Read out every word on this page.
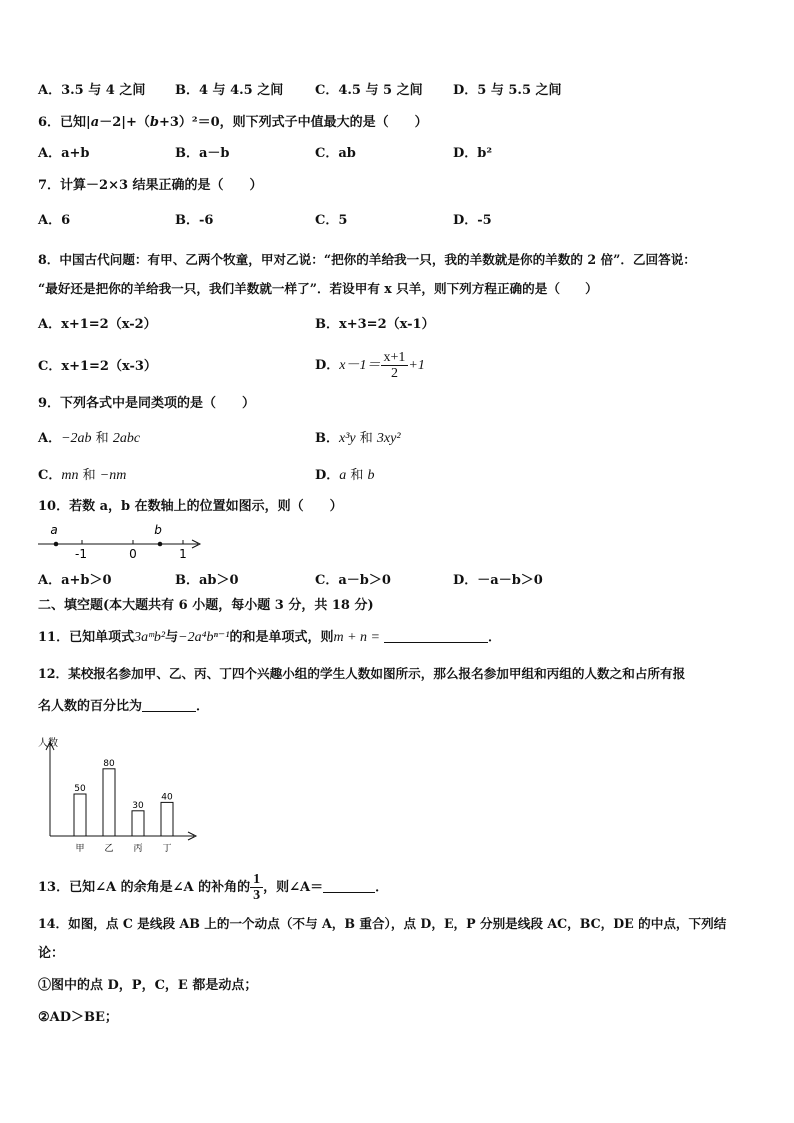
A．3.5 与 4 之间 B．4 与 4.5 之间 C．4.5 与 5 之间 D．5 与 5.5 之间
6．已知|a－2|+（b+3）²＝0，则下列式子中值最大的是（　　）
A．a+b	B．a－b	C．ab	D．b²
7．计算－2×3 结果正确的是（　　）
A．6	B．-6	C．5	D．-5
8．中国古代问题：有甲、乙两个牧童，甲对乙说：“把你的羊给我一只，我的羊数就是你的羊数的 2 倍”．乙回答说：
“最好还是把你的羊给我一只，我们羊数就一样了”．若设甲有 x 只羊，则下列方程正确的是（　　）
A．x+1=2（x-2）	B．x+3=2（x-1）
C．x+1=2（x-3）	D．$x-1= \frac{x+1}{2} +1$
9．下列各式中是同类项的是（　　）
A．−2ab 和 2abc	B．x³y 和 3xy²
C．mn 和 −nm	D．a 和 b
10．若数 a，b 在数轴上的位置如图示，则（　　）
a	b
-1	0	1
A．a+b＞0	B．ab＞0	C．a－b＞0	D．－a－b＞0
二、填空题(本大题共有 6 小题，每小题 3 分，共 18 分)
11．已知单项式3aᵐb²与−2a⁴bⁿ⁻¹的和是单项式，则m + n =	．
12．某校报名参加甲、乙、丙、丁四个兴趣小组的学生人数如图所示，那么报名参加甲组和丙组的人数之和占所有报
名人数的百分比为	．
人数
50
甲
80
乙
30
丙
40
丁
13．已知∠A 的余角是∠A 的补角的 $\frac{1}{3}$ ，则∠A＝	．
14．如图，点 C 是线段 AB 上的一个动点（不与 A，B 重合），点 D，E，P 分别是线段 AC，BC，DE 的中点，下列结
论：
①图中的点 D，P，C，E 都是动点；
②AD＞BE；
